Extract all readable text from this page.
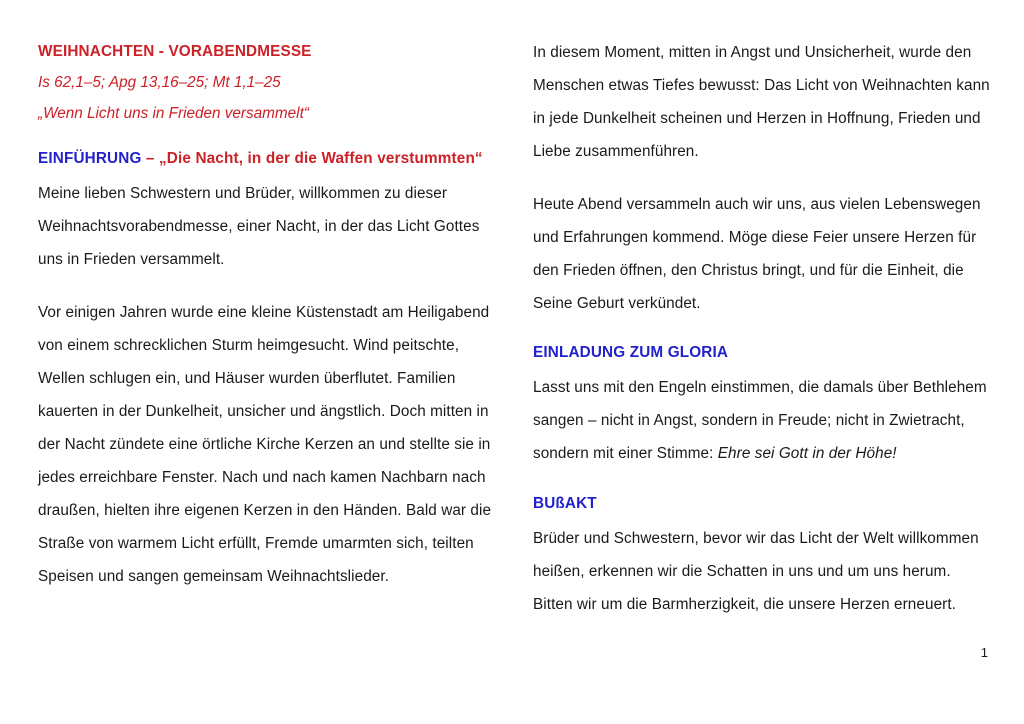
WEIHNACHTEN - VORABENDMESSE
Is 62,1–5; Apg 13,16–25; Mt 1,1–25
„Wenn Licht uns in Frieden versammelt“
EINFÜHRUNG – „Die Nacht, in der die Waffen verstummten“

Meine lieben Schwestern und Brüder, willkommen zu dieser Weihnachtsvorabendmesse, einer Nacht, in der das Licht Gottes uns in Frieden versammelt.

Vor einigen Jahren wurde eine kleine Küstenstadt am Heiligabend von einem schrecklichen Sturm heimgesucht. Wind peitschte, Wellen schlugen ein, und Häuser wurden überflutet. Familien kauerten in der Dunkelheit, unsicher und ängstlich. Doch mitten in der Nacht zündete eine örtliche Kirche Kerzen an und stellte sie in jedes erreichbare Fenster. Nach und nach kamen Nachbarn nach draußen, hielten ihre eigenen Kerzen in den Händen. Bald war die Straße von warmem Licht erfüllt, Fremde umarmten sich, teilten Speisen und sangen gemeinsam Weihnachtslieder.

In diesem Moment, mitten in Angst und Unsicherheit, wurde den Menschen etwas Tiefes bewusst: Das Licht von Weihnachten kann in jede Dunkelheit scheinen und Herzen in Hoffnung, Frieden und Liebe zusammenführen.

Heute Abend versammeln auch wir uns, aus vielen Lebenswegen und Erfahrungen kommend. Möge diese Feier unsere Herzen für den Frieden öffnen, den Christus bringt, und für die Einheit, die Seine Geburt verkündet.

EINLADUNG ZUM GLORIA

Lasst uns mit den Engeln einstimmen, die damals über Bethlehem sangen – nicht in Angst, sondern in Freude; nicht in Zwietracht, sondern mit einer Stimme: Ehre sei Gott in der Höhe!

BUßAKT

Brüder und Schwestern, bevor wir das Licht der Welt willkommen heißen, erkennen wir die Schatten in uns und um uns herum. Bitten wir um die Barmherzigkeit, die unsere Herzen erneuert.

1
